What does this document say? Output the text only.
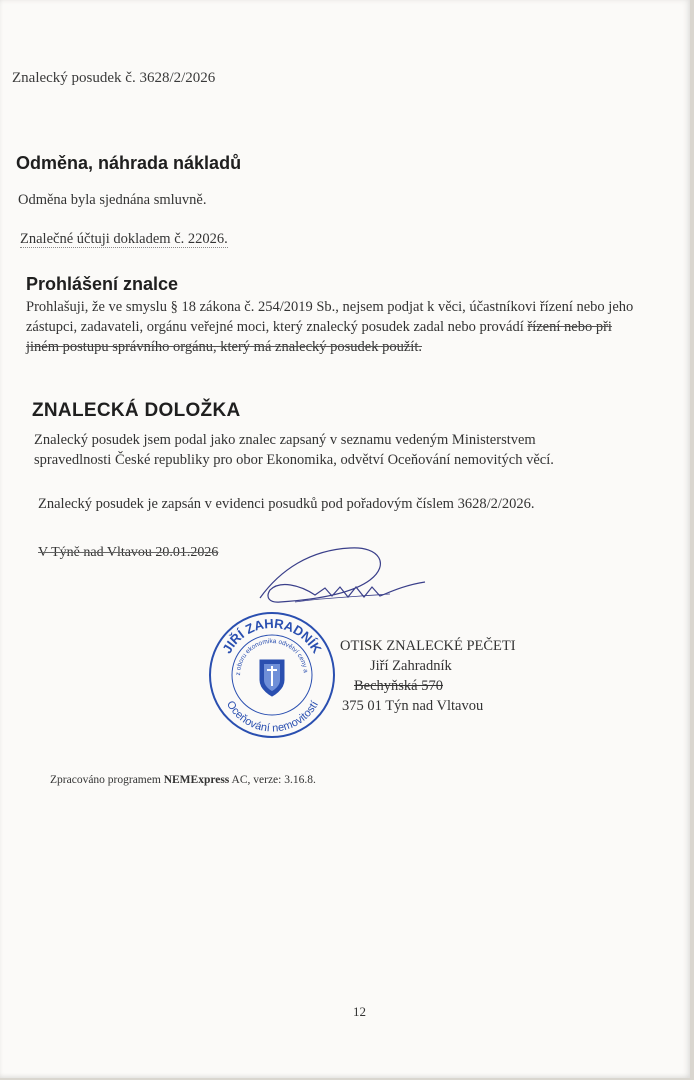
Znalecký posudek č. 3628/2/2026
Odměna, náhrada nákladů
Odměna byla sjednána smluvně.
Znalečné účtuji dokladem č. 22026.
Prohlášení znalce
Prohlašuji, že ve smyslu § 18 zákona č. 254/2019 Sb., nejsem podjat k věci, účastníkovi řízení nebo jeho zástupci, zadavateli, orgánu veřejné moci, který znalecký posudek zadal nebo provádí řízení nebo při jiném postupu správního orgánu, který má znalecký posudek použít.
ZNALECKÁ DOLOŽKA
Znalecký posudek jsem podal jako znalec zapsaný v seznamu vedeným Ministerstvem spravedlnosti České republiky pro obor Ekonomika, odvětví Oceňování nemovitých věcí.
Znalecký posudek je zapsán v evidenci posudků pod pořadovým číslem 3628/2/2026.
V Týně nad Vltavou 20.01.2026
JIŘÍ ZAHRADNÍK
z oboru ekonomika odvětví ceny a
Oceňování nemovitostí
OTISK ZNALECKÉ PEČETI
Jiří Zahradník
Bechyňská 570
375 01 Týn nad Vltavou
Zpracováno programem NEMExpress AC, verze: 3.16.8.
12
